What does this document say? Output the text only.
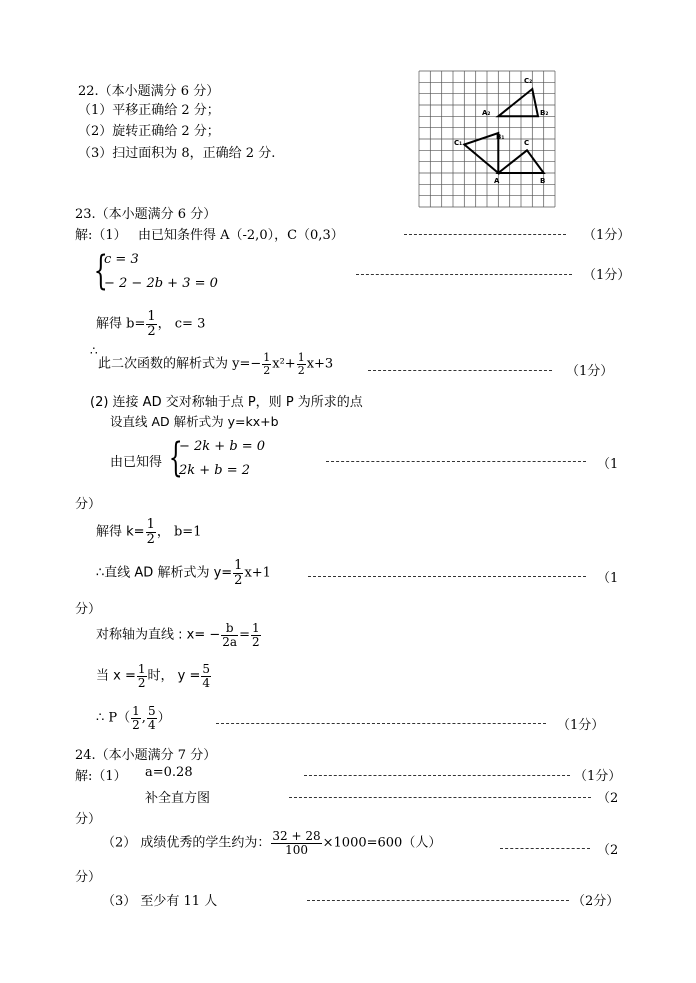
22.（本小题满分 6 分）
（1）平移正确给 2 分；
（2）旋转正确给 2 分；
（3）扫过面积为 8，正确给 2 分.
C₂
A₂	B₂
C₁
B₁
C
A	B
23.（本小题满分 6 分）
解:（1） 由已知条件得 A（-2,0），C（0,3）	（1分）
{
c = 3
− 2 − 2b + 3 = 0
（1分）
解得 $b= \frac{1}{2}$ ， c= 3
∴
此二次函数的解析式为 $y=- \frac{1}{2} x^2+ \frac{1}{2} x+3$	（1分）
(2) 连接 AD 交对称轴于点 P，则 P 为所求的点
设直线 AD 解析式为 y=kx+b
由已知得 {
− 2k + b = 0
2k + b = 2	（1
分）
解得 $k= \frac{1}{2}$ ， b=1
∴直线 AD 解析式为 $y= \frac{1}{2} x+1$	（1
分）
对称轴为直线 : $x= - \frac{b}{2a} = \frac{1}{2}$
当 $x = \frac{1}{2}$ 时， $y = \frac{5}{4}$
∴ $P( \frac{1}{2}$ , $\frac{5}{4}$ ）	（1分）
24.（本小题满分 7 分）
解:（1） a=0.28	（1分）
补全直方图	（2
分）
（2） 成绩优秀的学生约为： $\frac{32 + 28}{100} \times 1000=600$（人）	（2
分）
（3） 至少有 11 人	（2分）
